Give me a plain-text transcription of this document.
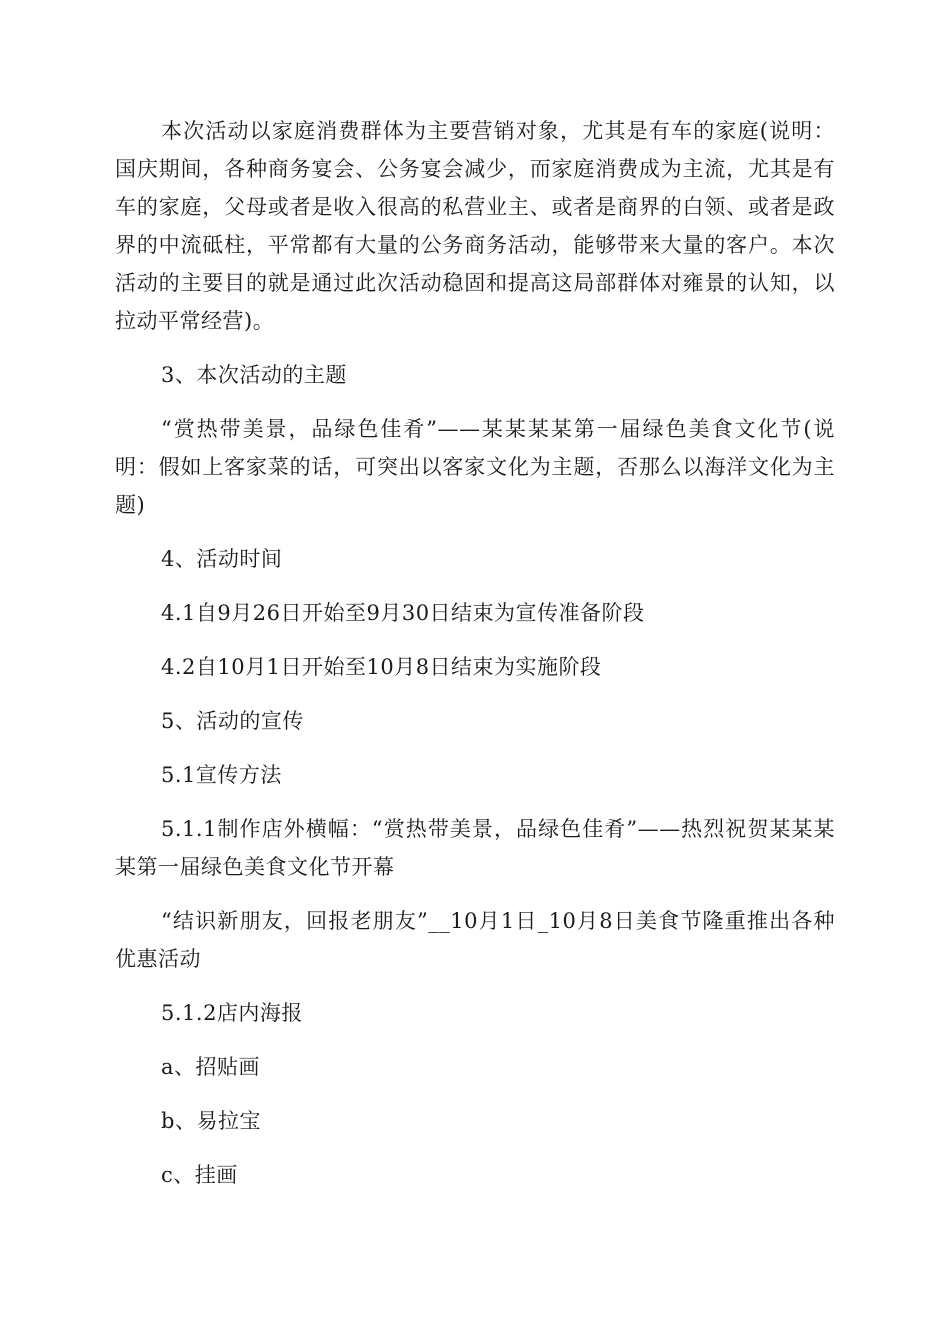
本次活动以家庭消费群体为主要营销对象，尤其是有车的家庭(说明：国庆期间，各种商务宴会、公务宴会减少，而家庭消费成为主流，尤其是有车的家庭，父母或者是收入很高的私营业主、或者是商界的白领、或者是政界的中流砥柱，平常都有大量的公务商务活动，能够带来大量的客户。本次活动的主要目的就是通过此次活动稳固和提高这局部群体对雍景的认知，以拉动平常经营)。

3、本次活动的主题

“赏热带美景，品绿色佳肴”——某某某某第一届绿色美食文化节(说明：假如上客家菜的话，可突出以客家文化为主题，否那么以海洋文化为主题)

4、活动时间

4.1自9月26日开始至9月30日结束为宣传准备阶段

4.2自10月1日开始至10月8日结束为实施阶段

5、活动的宣传

5.1宣传方法

5.1.1制作店外横幅：“赏热带美景，品绿色佳肴”——热烈祝贺某某某某第一届绿色美食文化节开幕

“结识新朋友，回报老朋友”__10月1日_10月8日美食节隆重推出各种优惠活动

5.1.2店内海报

a、招贴画

b、易拉宝

c、挂画
